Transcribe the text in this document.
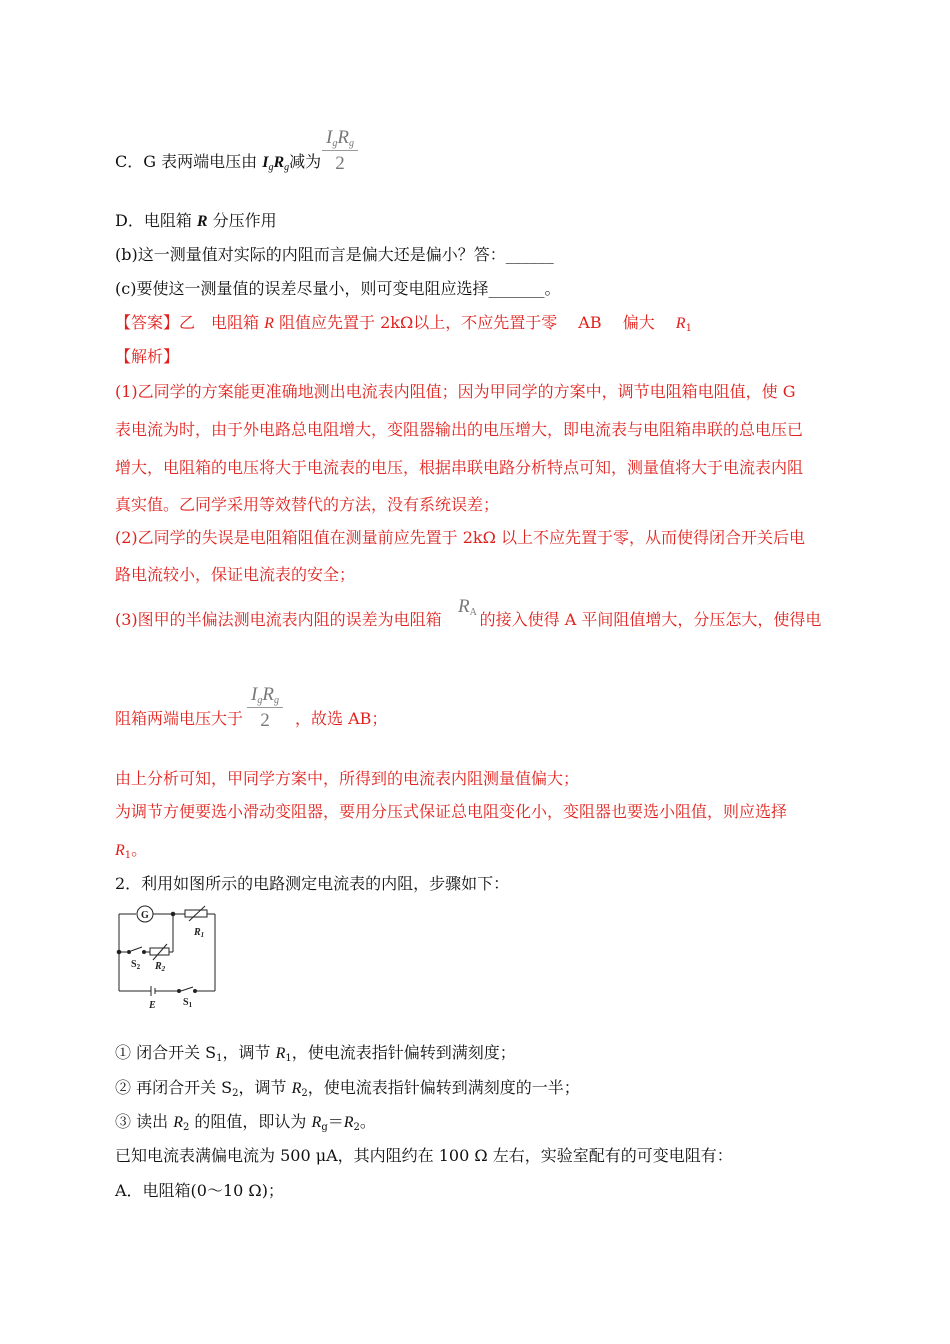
C．G 表两端电压由 $I_gR_g$减为
$I_gR_g$
2
D．电阻箱 R 分压作用
(b)这一测量值对实际的内阻而言是偏大还是偏小？答：______
(c)要使这一测量值的误差尽量小，则可变电阻应选择_______。
【答案】乙　电阻箱 R 阻值应先置于 2kΩ以上，不应先置于零　 AB　 偏大　 $R_1$
【解析】
(1)乙同学的方案能更准确地测出电流表内阻值；因为甲同学的方案中，调节电阻箱电阻值，使 G
表电流为时，由于外电路总电阻增大，变阻器输出的电压增大，即电流表与电阻箱串联的总电压已
增大，电阻箱的电压将大于电流表的电压，根据串联电路分析特点可知，测量值将大于电流表内阻
真实值。乙同学采用等效替代的方法，没有系统误差；
(2)乙同学的失误是电阻箱阻值在测量前应先置于 2kΩ 以上不应先置于零，从而使得闭合开关后电
路电流较小，保证电流表的安全；
(3)图甲的半偏法测电流表内阻的误差为电阻箱 的接入使得 A 平间阻值增大，分压怎大，使得电
$R_A$
阻箱两端电压大于	，故选 AB；
$I_gR_g$
2
由上分析可知，甲同学方案中，所得到的电流表内阻测量值偏大；
为调节方便要选小滑动变阻器，要用分压式保证总电阻变化小，变阻器也要选小阻值，则应选择
$R_1$。
2．利用如图所示的电路测定电流表的内阻，步骤如下：
$R_1$
$S_2$ $R_2$
E	$S_1$
G
① 闭合开关 $S_1$，调节 $R_1$，使电流表指针偏转到满刻度；
② 再闭合开关 $S_2$，调节 $R_2$，使电流表指针偏转到满刻度的一半；
③ 读出 $R_2$ 的阻值，即认为 $R_g=R_2$。
已知电流表满偏电流为 500 μA，其内阻约在 100 Ω 左右，实验室配有的可变电阻有：
A．电阻箱(0～10 Ω)；
